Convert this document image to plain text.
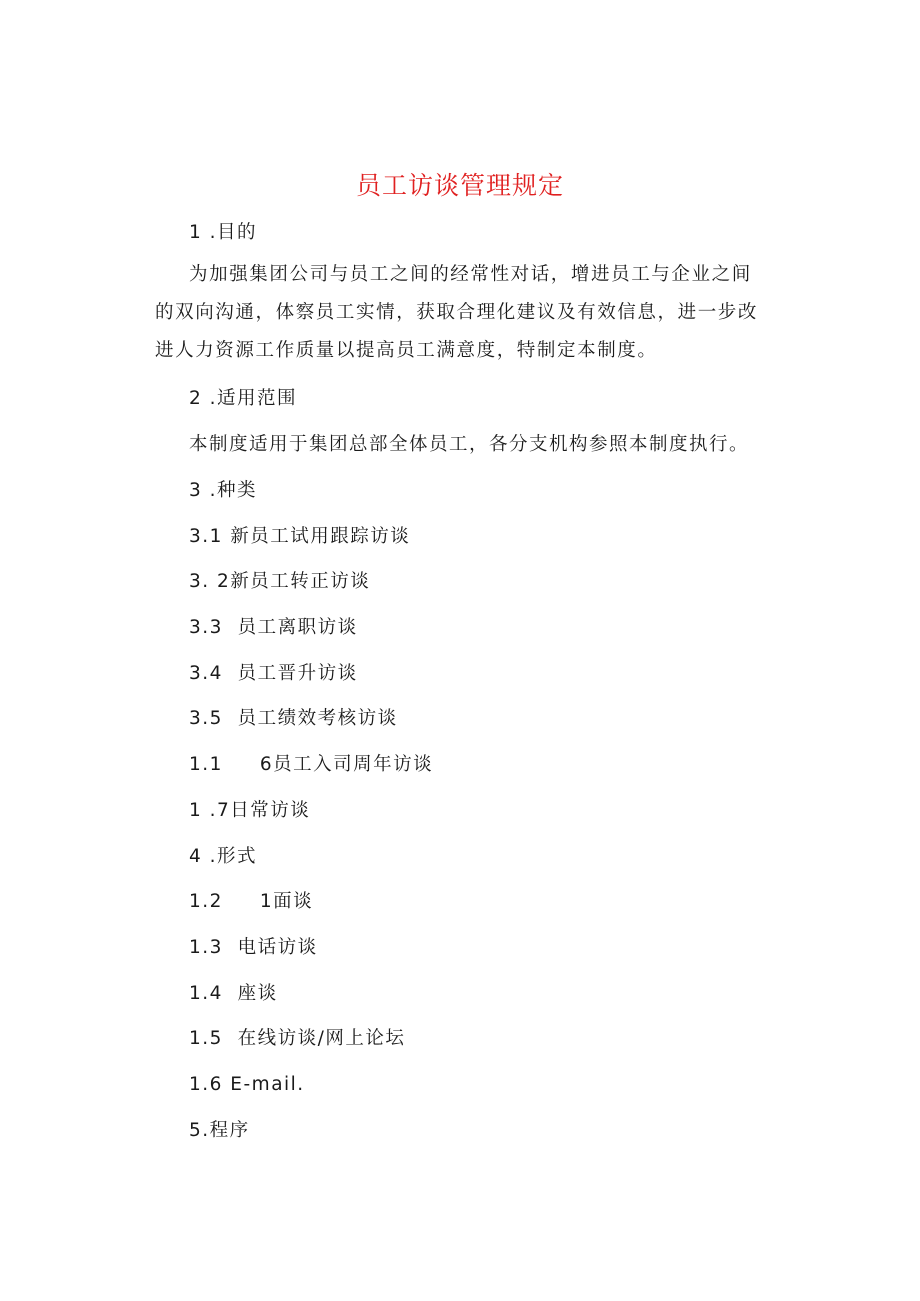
员工访谈管理规定
1 .目的

为加强集团公司与员工之间的经常性对话，增进员工与企业之间的双向沟通，体察员工实情，获取合理化建议及有效信息，进一步改进人力资源工作质量以提高员工满意度，特制定本制度。

2 .适用范围
本制度适用于集团总部全体员工，各分支机构参照本制度执行。
3 .种类
3.1 新员工试用跟踪访谈
3. 2新员工转正访谈
3.3  员工离职访谈
3.4  员工晋升访谈
3.5  员工绩效考核访谈
1.1     6员工入司周年访谈
1 .7日常访谈
4 .形式
1.2     1面谈
1.3  电话访谈
1.4  座谈
1.5  在线访谈/网上论坛
1.6 E-mail.
5.程序
